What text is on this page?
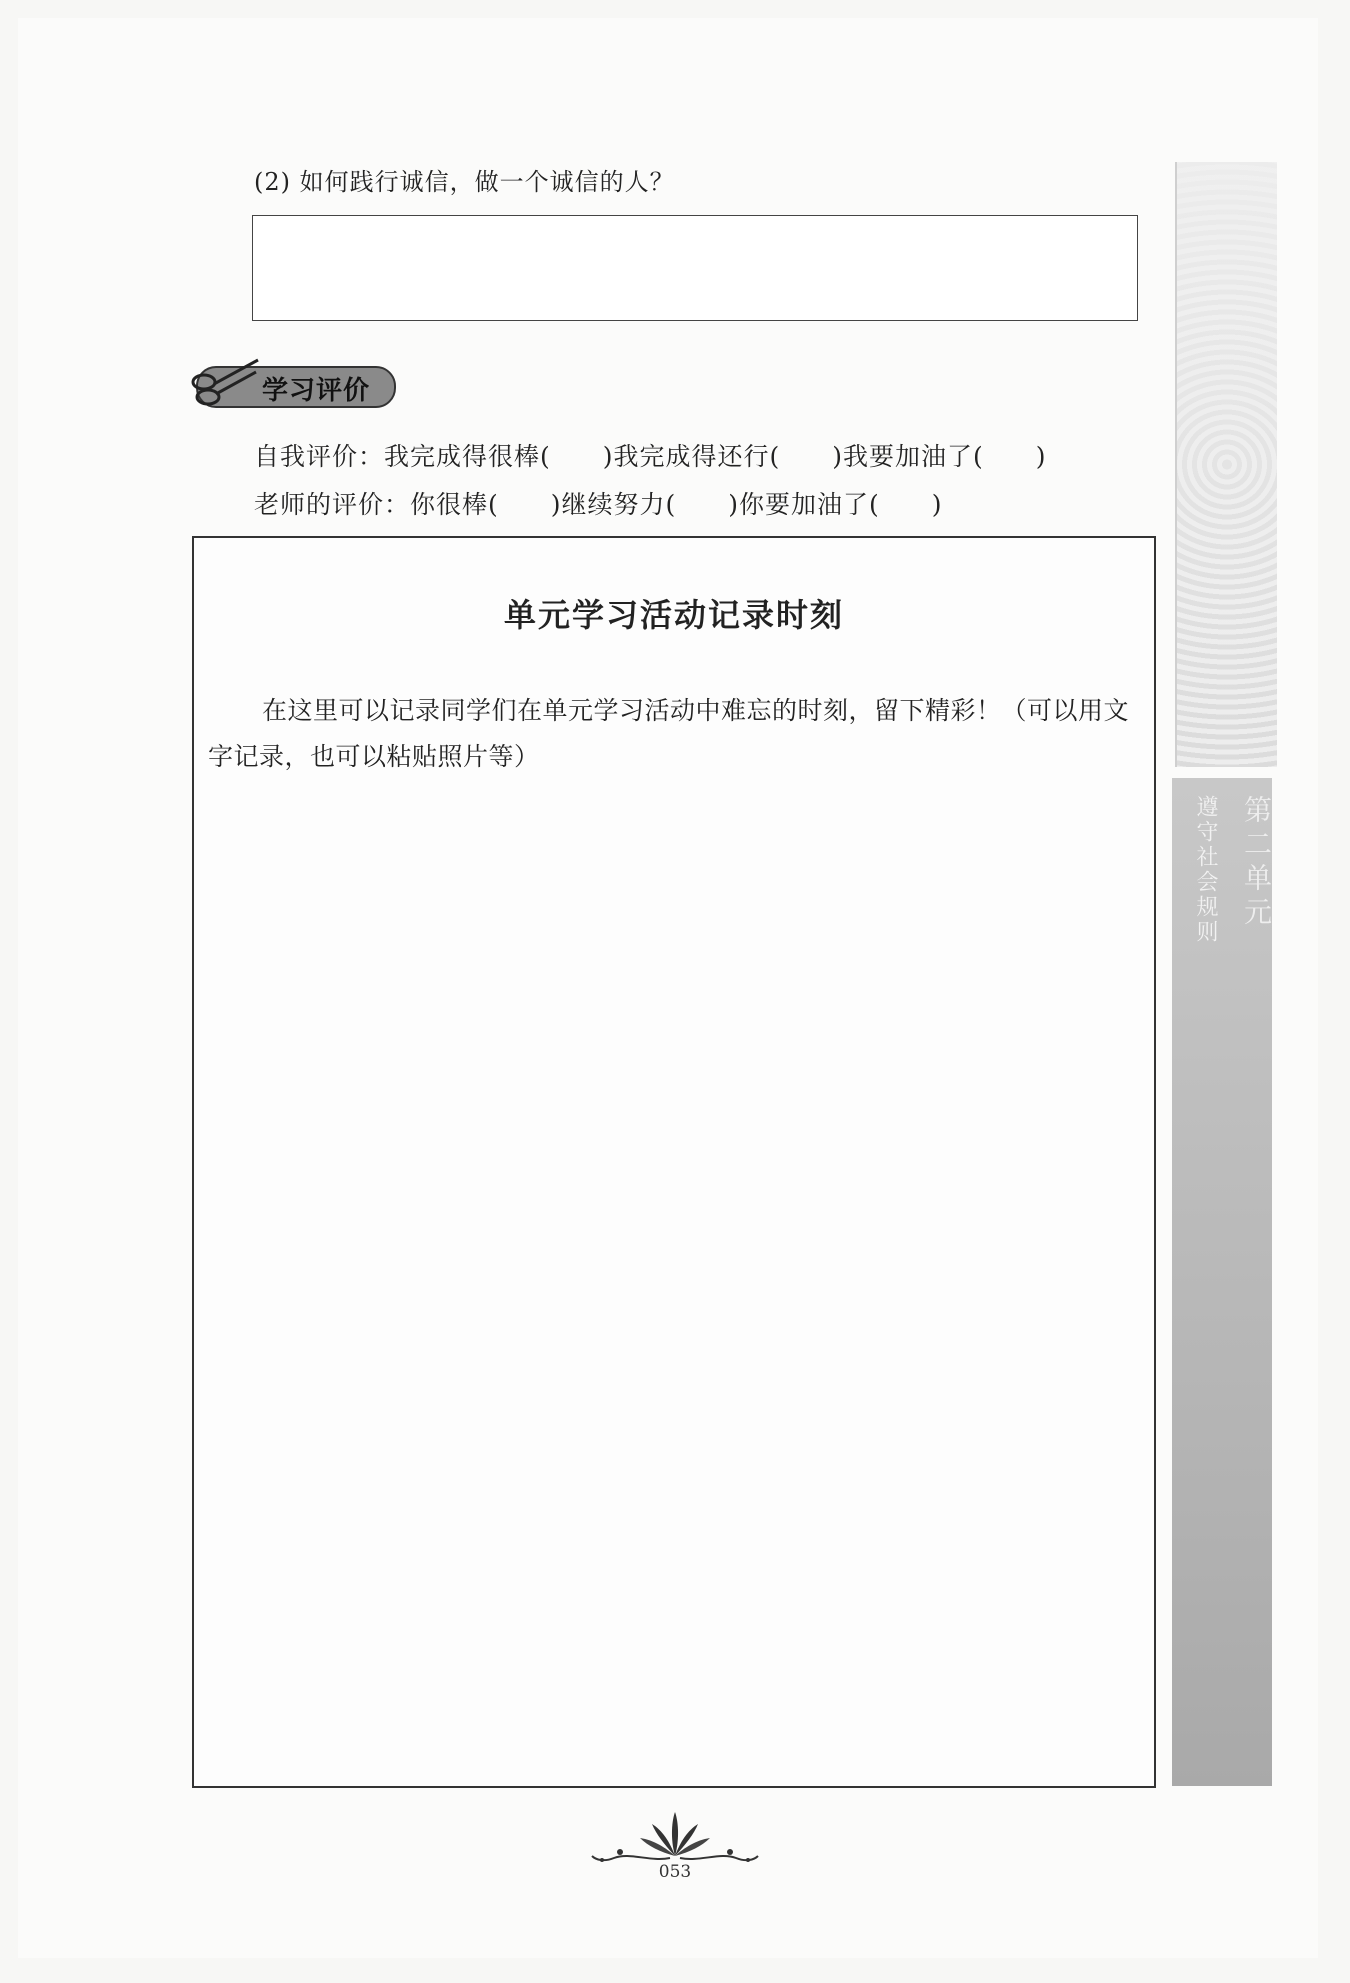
(2) 如何践行诚信，做一个诚信的人？
学习评价
自我评价：我完成得很棒(　　)我完成得还行(　　)我要加油了(　　)
老师的评价：你很棒(　　)继续努力(　　)你要加油了(　　)
单元学习活动记录时刻
在这里可以记录同学们在单元学习活动中难忘的时刻，留下精彩！（可以用文字记录，也可以粘贴照片等）
第二单元
遵守社会规则
053
